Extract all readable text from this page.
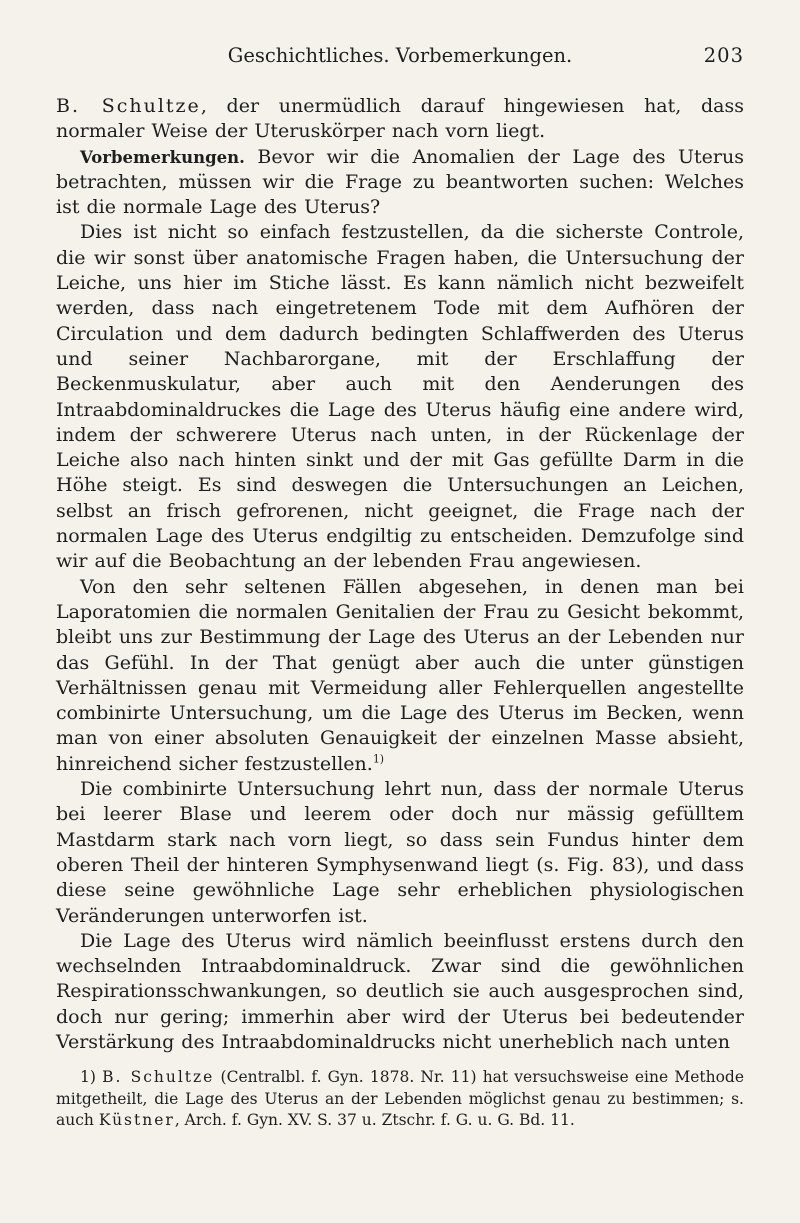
Geschichtliches. Vorbemerkungen.	203

B. Schultze, der unermüdlich darauf hingewiesen hat, dass normaler Weise der Uteruskörper nach vorn liegt.

Vorbemerkungen. Bevor wir die Anomalien der Lage des Uterus betrachten, müssen wir die Frage zu beantworten suchen: Welches ist die normale Lage des Uterus?

Dies ist nicht so einfach festzustellen, da die sicherste Controle, die wir sonst über anatomische Fragen haben, die Untersuchung der Leiche, uns hier im Stiche lässt. Es kann nämlich nicht bezweifelt werden, dass nach eingetretenem Tode mit dem Aufhören der Circulation und dem dadurch bedingten Schlaffwerden des Uterus und seiner Nachbarorgane, mit der Erschlaffung der Beckenmuskulatur, aber auch mit den Aenderungen des Intraabdominaldruckes die Lage des Uterus häufig eine andere wird, indem der schwerere Uterus nach unten, in der Rückenlage der Leiche also nach hinten sinkt und der mit Gas gefüllte Darm in die Höhe steigt. Es sind deswegen die Untersuchungen an Leichen, selbst an frisch gefrorenen, nicht geeignet, die Frage nach der normalen Lage des Uterus endgiltig zu entscheiden. Demzufolge sind wir auf die Beobachtung an der lebenden Frau angewiesen.

Von den sehr seltenen Fällen abgesehen, in denen man bei Laporatomien die normalen Genitalien der Frau zu Gesicht bekommt, bleibt uns zur Bestimmung der Lage des Uterus an der Lebenden nur das Gefühl. In der That genügt aber auch die unter günstigen Verhältnissen genau mit Vermeidung aller Fehlerquellen angestellte combinirte Untersuchung, um die Lage des Uterus im Becken, wenn man von einer absoluten Genauigkeit der einzelnen Masse absieht, hinreichend sicher festzustellen.$^{1)}$

Die combinirte Untersuchung lehrt nun, dass der normale Uterus bei leerer Blase und leerem oder doch nur mässig gefülltem Mastdarm stark nach vorn liegt, so dass sein Fundus hinter dem oberen Theil der hinteren Symphysenwand liegt (s. Fig. 83), und dass diese seine gewöhnliche Lage sehr erheblichen physiologischen Veränderungen unterworfen ist.

Die Lage des Uterus wird nämlich beeinflusst erstens durch den wechselnden Intraabdominaldruck. Zwar sind die gewöhnlichen Respirationsschwankungen, so deutlich sie auch ausgesprochen sind, doch nur gering; immerhin aber wird der Uterus bei bedeutender Verstärkung des Intraabdominaldrucks nicht unerheblich nach unten

1) B. Schultze (Centralbl. f. Gyn. 1878. Nr. 11) hat versuchsweise eine Methode mitgetheilt, die Lage des Uterus an der Lebenden möglichst genau zu bestimmen; s. auch Küstner, Arch. f. Gyn. XV. S. 37 u. Ztschr. f. G. u. G. Bd. 11.
